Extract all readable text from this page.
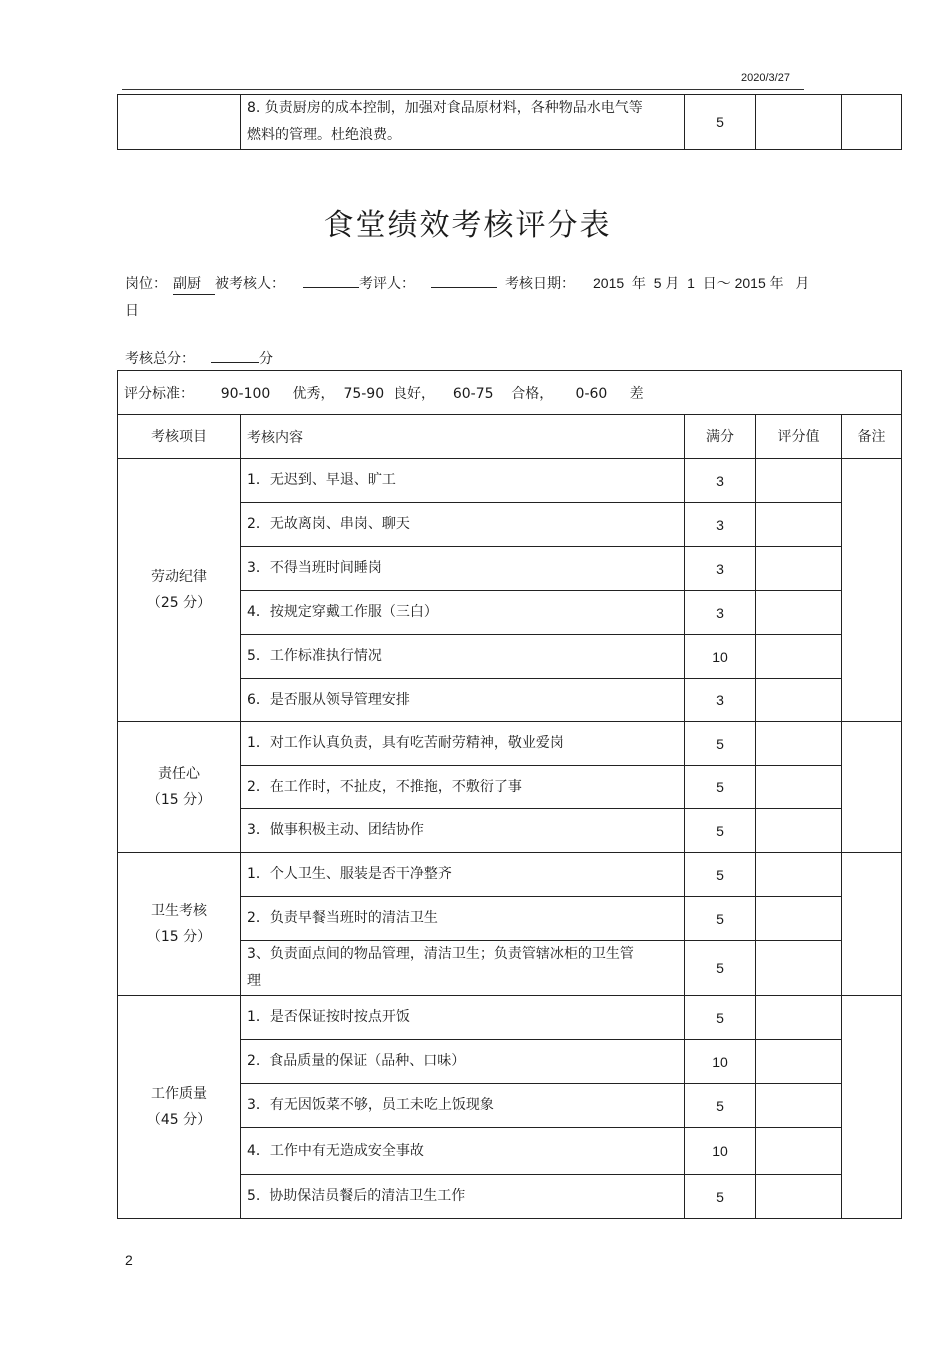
2020/3/27
	8. 负责厨房的成本控制，加强对食品原材料，各种物品水电气等燃料的管理。杜绝浪费。	5		
食堂绩效考核评分表
岗位： 副厨 被考核人：	考评人：	考核日期： 2015  年  5 月  1  日～ 2015 年   月
日
考核总分：	分
评分标准：      90-100     优秀，  75-90  良好，    60-75    合格，     0-60     差				
考核项目	考核内容	满分	评分值	备注
劳动纪律
（25 分）	1．无迟到、早退、旷工	3		
	2．无故离岗、串岗、聊天	3		
	3．不得当班时间睡岗	3		
	4．按规定穿戴工作服（三白）	3		
	5．工作标准执行情况	10		
	6．是否服从领导管理安排	3		
责任心
（15 分）	1．对工作认真负责，具有吃苦耐劳精神，敬业爱岗	5		
	2．在工作时，不扯皮，不推拖，不敷衍了事	5		
	3．做事积极主动、团结协作	5		
卫生考核
（15 分）	1．个人卫生、服装是否干净整齐	5		
	2．负责早餐当班时的清洁卫生	5		
	3、负责面点间的物品管理，清洁卫生；负责管辖冰柜的卫生管理	5		
工作质量
（45 分）	1．是否保证按时按点开饭	5		
	2.  食品质量的保证（品种、口味）	10		
	3．有无因饭菜不够，员工未吃上饭现象	5		
	4．工作中有无造成安全事故	10		
	5.  协助保洁员餐后的清洁卫生工作	5		
2
